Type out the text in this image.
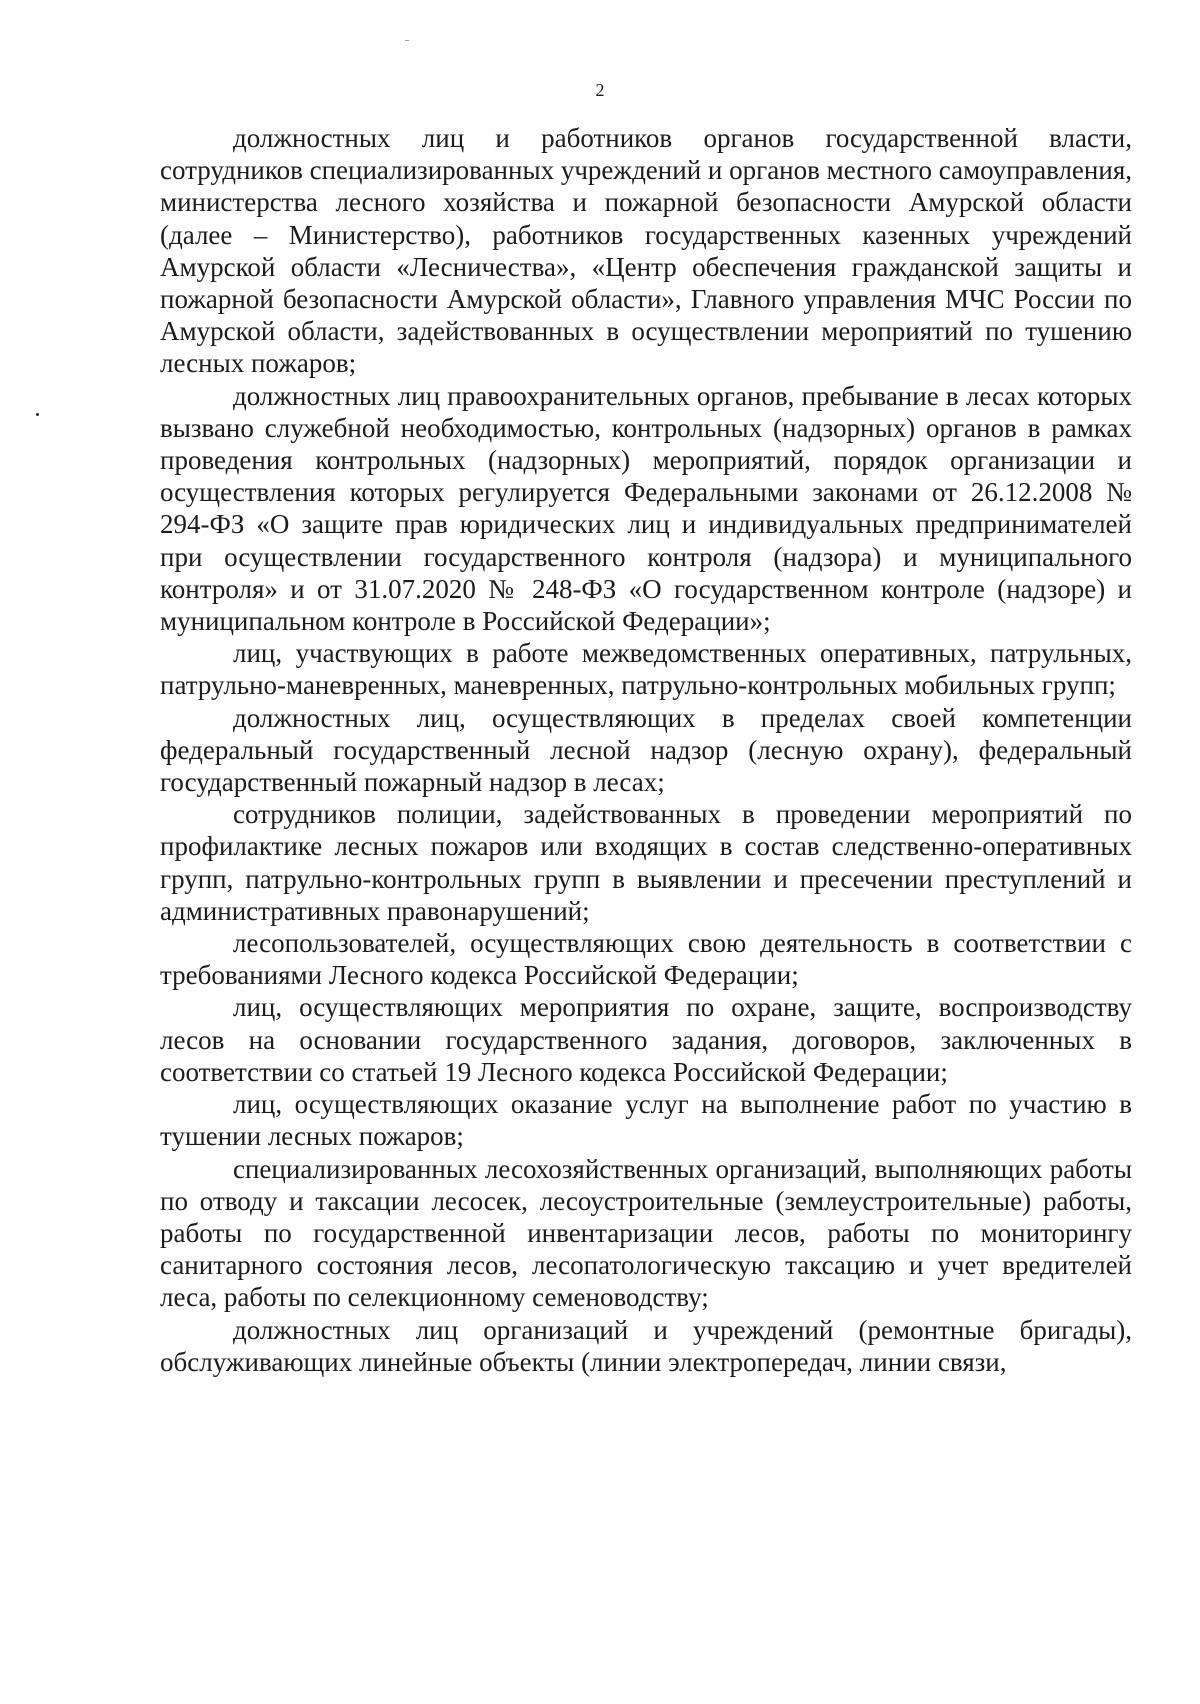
2

должностных лиц и работников органов государственной власти, сотрудников специализированных учреждений и органов местного самоуправления, министерства лесного хозяйства и пожарной безопасности Амурской области (далее – Министерство), работников государственных казенных учреждений Амурской области «Лесничества», «Центр обеспечения гражданской защиты и пожарной безопасности Амурской области», Главного управления МЧС России по Амурской области, задействованных в осуществлении мероприятий по тушению лесных пожаров;

должностных лиц правоохранительных органов, пребывание в лесах которых вызвано служебной необходимостью, контрольных (надзорных) органов в рамках проведения контрольных (надзорных) мероприятий, порядок организации и осуществления которых регулируется Федеральными законами от 26.12.2008 № 294-ФЗ «О защите прав юридических лиц и индивидуальных предпринимателей при осуществлении государственного контроля (надзора) и муниципального контроля» и от 31.07.2020 № 248-ФЗ «О государственном контроле (надзоре) и муниципальном контроле в Российской Федерации»;

лиц, участвующих в работе межведомственных оперативных, патрульных, патрульно-маневренных, маневренных, патрульно-контрольных мобильных групп;

должностных лиц, осуществляющих в пределах своей компетенции федеральный государственный лесной надзор (лесную охрану), федеральный государственный пожарный надзор в лесах;

сотрудников полиции, задействованных в проведении мероприятий по профилактике лесных пожаров или входящих в состав следственно-оперативных групп, патрульно-контрольных групп в выявлении и пресечении преступлений и административных правонарушений;

лесопользователей, осуществляющих свою деятельность в соответствии с требованиями Лесного кодекса Российской Федерации;

лиц, осуществляющих мероприятия по охране, защите, воспроизводству лесов на основании государственного задания, договоров, заключенных в соответствии со статьей 19 Лесного кодекса Российской Федерации;

лиц, осуществляющих оказание услуг на выполнение работ по участию в тушении лесных пожаров;

специализированных лесохозяйственных организаций, выполняющих работы по отводу и таксации лесосек, лесоустроительные (землеустроительные) работы, работы по государственной инвентаризации лесов, работы по мониторингу санитарного состояния лесов, лесопатологическую таксацию и учет вредителей леса, работы по селекционному семеноводству;

должностных лиц организаций и учреждений (ремонтные бригады), обслуживающих линейные объекты (линии электропередач, линии связи,
